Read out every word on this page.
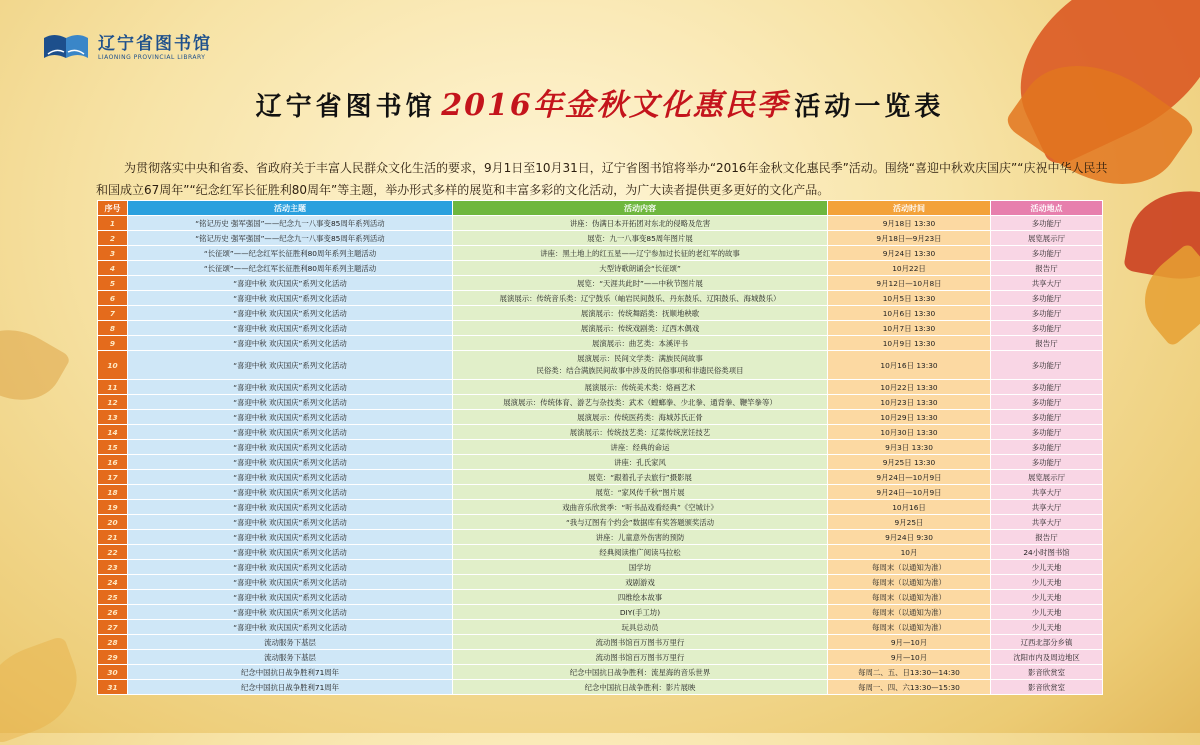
辽宁省图书馆
LIAONING PROVINCIAL LIBRARY
辽宁省图书馆 2016年金秋文化惠民季 活动一览表

为贯彻落实中央和省委、省政府关于丰富人民群众文化生活的要求，9月1日至10月31日，辽宁省图书馆将举办“2016年金秋文化惠民季”活动。围绕“喜迎中秋欢庆国庆”“庆祝中华人民共和国成立67周年”“纪念红军长征胜利80周年”等主题，举办形式多样的展览和丰富多彩的文化活动，为广大读者提供更多更好的文化产品。

序号	活动主题	活动内容	活动时间	活动地点
1	“铭记历史 强军强国”——纪念九一八事变85周年系列活动	讲座：伪满日本开拓团对东北的侵略及危害	9月18日 13:30	多功能厅
2	“铭记历史 强军强国”——纪念九一八事变85周年系列活动	展览：九一八事变85周年图片展	9月18日—9月23日	展览展示厅
3	“长征颂”——纪念红军长征胜利80周年系列主题活动	讲座：黑土地上的红五星——辽宁参加过长征的老红军的故事	9月24日 13:30	多功能厅
4	“长征颂”——纪念红军长征胜利80周年系列主题活动	大型诗歌朗诵会“长征颂”	10月22日	报告厅
5	“喜迎中秋 欢庆国庆”系列文化活动	展览：“天涯共此时”——中秋节图片展	9月12日—10月8日	共享大厅
6	“喜迎中秋 欢庆国庆”系列文化活动	展演展示：传统音乐类：辽宁鼓乐（岫岩民间鼓乐、丹东鼓乐、辽阳鼓乐、海城鼓乐）	10月5日 13:30	多功能厅
7	“喜迎中秋 欢庆国庆”系列文化活动	展演展示：传统舞蹈类：抚顺地秧歌	10月6日 13:30	多功能厅
8	“喜迎中秋 欢庆国庆”系列文化活动	展演展示：传统戏剧类：辽西木偶戏	10月7日 13:30	多功能厅
9	“喜迎中秋 欢庆国庆”系列文化活动	展演展示：曲艺类：本溪评书	10月9日 13:30	报告厅
10	“喜迎中秋 欢庆国庆”系列文化活动	展演展示：民间文学类：满族民间故事
民俗类：结合满族民间故事中涉及的民俗事项和非遗民俗类项目	10月16日 13:30	多功能厅
11	“喜迎中秋 欢庆国庆”系列文化活动	展演展示：传统美术类：烙画艺术	10月22日 13:30	多功能厅
12	“喜迎中秋 欢庆国庆”系列文化活动	展演展示：传统体育、游艺与杂技类：武术（螳螂拳、少北拳、通背拳、鞭竿拳等）	10月23日 13:30	多功能厅
13	“喜迎中秋 欢庆国庆”系列文化活动	展演展示：传统医药类：海城苏氏正骨	10月29日 13:30	多功能厅
14	“喜迎中秋 欢庆国庆”系列文化活动	展演展示：传统技艺类：辽菜传统烹饪技艺	10月30日 13:30	多功能厅
15	“喜迎中秋 欢庆国庆”系列文化活动	讲座：经典的命运	9月3日 13:30	多功能厅
16	“喜迎中秋 欢庆国庆”系列文化活动	讲座：孔氏家风	9月25日 13:30	多功能厅
17	“喜迎中秋 欢庆国庆”系列文化活动	展览：“跟着孔子去旅行”摄影展	9月24日—10月9日	展览展示厅
18	“喜迎中秋 欢庆国庆”系列文化活动	展览：“家风传千秋”图片展	9月24日—10月9日	共享大厅
19	“喜迎中秋 欢庆国庆”系列文化活动	戏曲音乐欣赏季：“听书品戏看经典”《空城计》	10月16日	共享大厅
20	“喜迎中秋 欢庆国庆”系列文化活动	“我与辽图有个约会”数据库有奖答题颁奖活动	9月25日	共享大厅
21	“喜迎中秋 欢庆国庆”系列文化活动	讲座：儿童意外伤害的预防	9月24日 9:30	报告厅
22	“喜迎中秋 欢庆国庆”系列文化活动	经典阅读推广阅读马拉松	10月	24小时图书馆
23	“喜迎中秋 欢庆国庆”系列文化活动	国学坊	每周末（以通知为准）	少儿天地
24	“喜迎中秋 欢庆国庆”系列文化活动	戏剧游戏	每周末（以通知为准）	少儿天地
25	“喜迎中秋 欢庆国庆”系列文化活动	四维绘本故事	每周末（以通知为准）	少儿天地
26	“喜迎中秋 欢庆国庆”系列文化活动	DIY(手工坊)	每周末（以通知为准）	少儿天地
27	“喜迎中秋 欢庆国庆”系列文化活动	玩具总动员	每周末（以通知为准）	少儿天地
28	流动服务下基层	流动图书馆百万图书万里行	9月—10月	辽西北部分乡镇
29	流动服务下基层	流动图书馆百万图书万里行	9月—10月	沈阳市内及周边地区
30	纪念中国抗日战争胜利71周年	纪念中国抗日战争胜利：流星海的音乐世界	每周二、五、日13:30—14:30	影音欣赏室
31	纪念中国抗日战争胜利71周年	纪念中国抗日战争胜利：影片展映	每周一、四、六13:30—15:30	影音欣赏室
